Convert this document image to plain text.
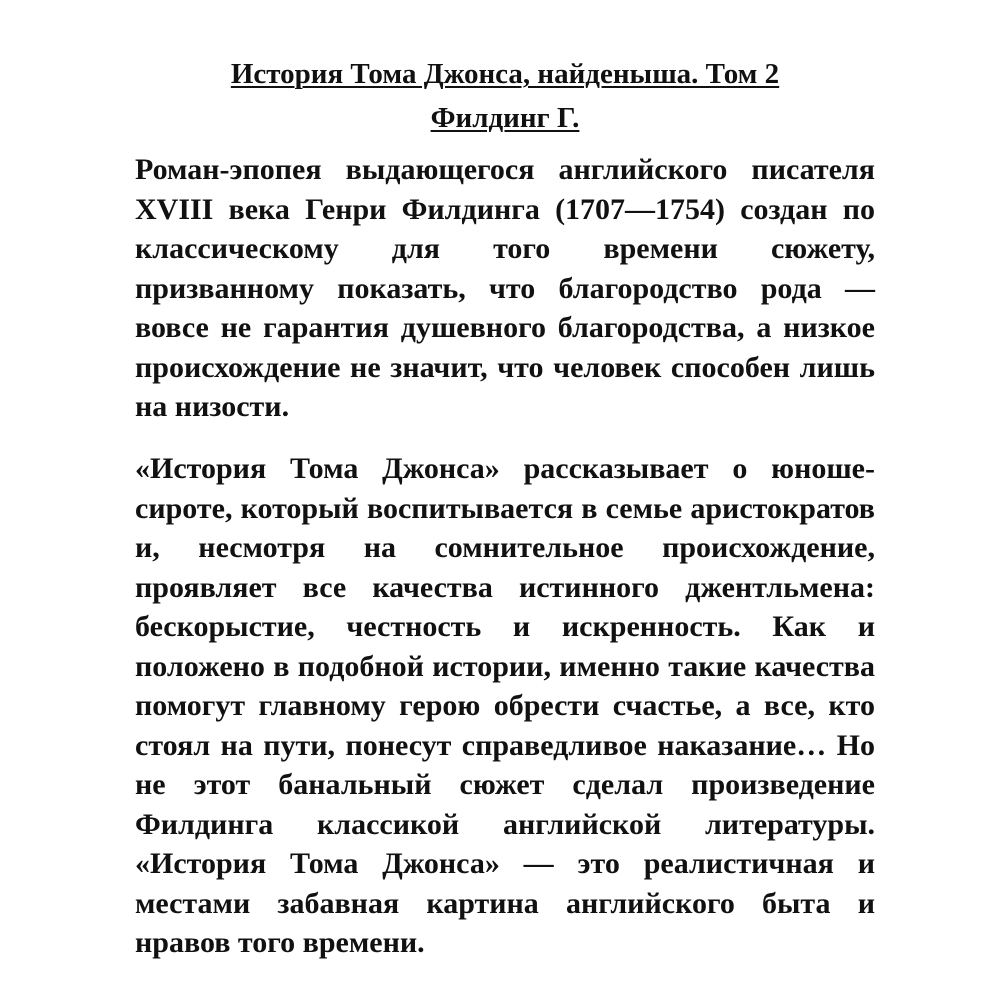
История Тома Джонса, найденыша. Том 2
Филдинг Г.

Роман-эпопея выдающегося английского писателя XVIII века Генри Филдинга (1707—1754) создан по классическому для того времени сюжету, призванному показать, что благородство рода — вовсе не гарантия душевного благородства, а низкое происхождение не значит, что человек способен лишь на низости.

«История Тома Джонса» рассказывает о юноше-сироте, который воспитывается в семье аристократов и, несмотря на сомнительное происхождение, проявляет все качества истинного джентльмена: бескорыстие, честность и искренность. Как и положено в подобной истории, именно такие качества помогут главному герою обрести счастье, а все, кто стоял на пути, понесут справедливое наказание… Но не этот банальный сюжет сделал произведение Филдинга классикой английской литературы. «История Тома Джонса» — это реалистичная и местами забавная картина английского быта и нравов того времени.
